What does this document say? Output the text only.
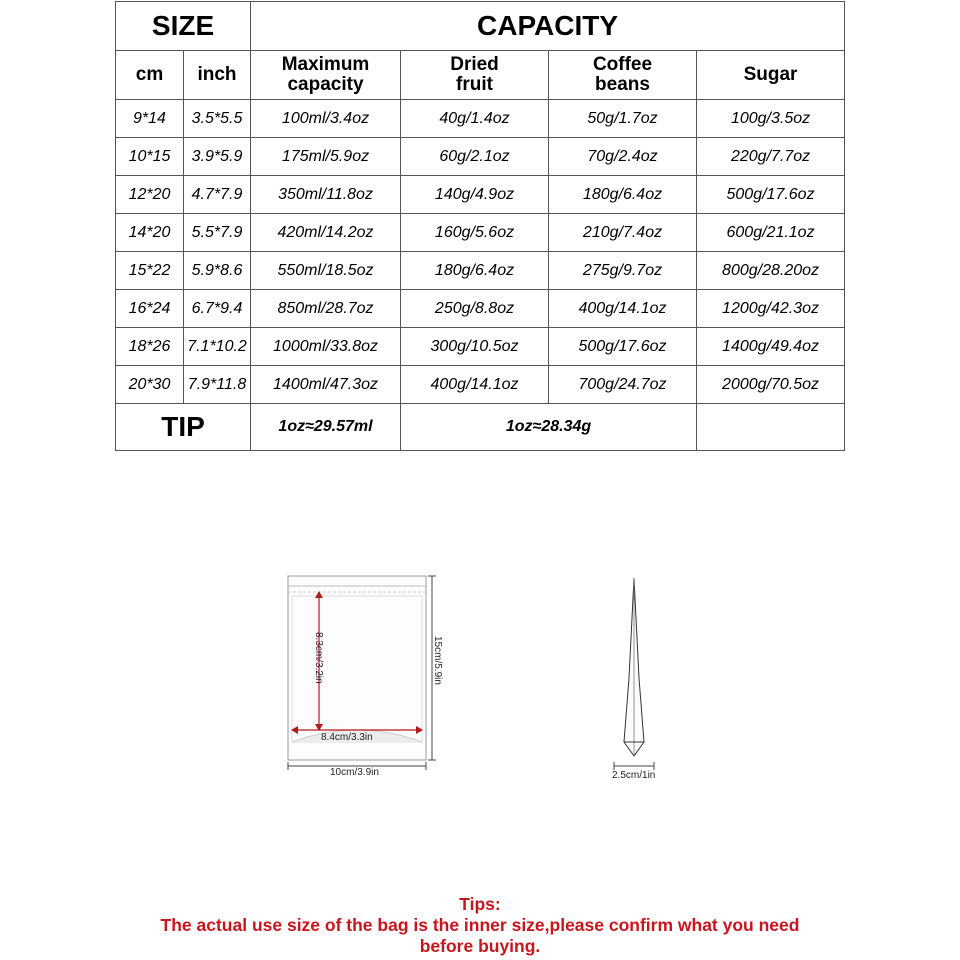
SIZE		CAPACITY			
cm	inch	Maximum capacity	Dried fruit	Coffee beans	Sugar
9*14	3.5*5.5	100ml/3.4oz	40g/1.4oz	50g/1.7oz	100g/3.5oz
10*15	3.9*5.9	175ml/5.9oz	60g/2.1oz	70g/2.4oz	220g/7.7oz
12*20	4.7*7.9	350ml/11.8oz	140g/4.9oz	180g/6.4oz	500g/17.6oz
14*20	5.5*7.9	420ml/14.2oz	160g/5.6oz	210g/7.4oz	600g/21.1oz
15*22	5.9*8.6	550ml/18.5oz	180g/6.4oz	275g/9.7oz	800g/28.20oz
16*24	6.7*9.4	850ml/28.7oz	250g/8.8oz	400g/14.1oz	1200g/42.3oz
18*26	7.1*10.2	1000ml/33.8oz	300g/10.5oz	500g/17.6oz	1400g/49.4oz
20*30	7.9*11.8	1400ml/47.3oz	400g/14.1oz	700g/24.7oz	2000g/70.5oz
TIP		1oz≈29.57ml	1oz≈28.34g		
8.3cm/3.2in
8.4cm/3.3in
10cm/3.9in
15cm/5.9in
2.5cm/1in
Tips:
The actual use size of the bag is the inner size,please confirm what you need
before buying.
